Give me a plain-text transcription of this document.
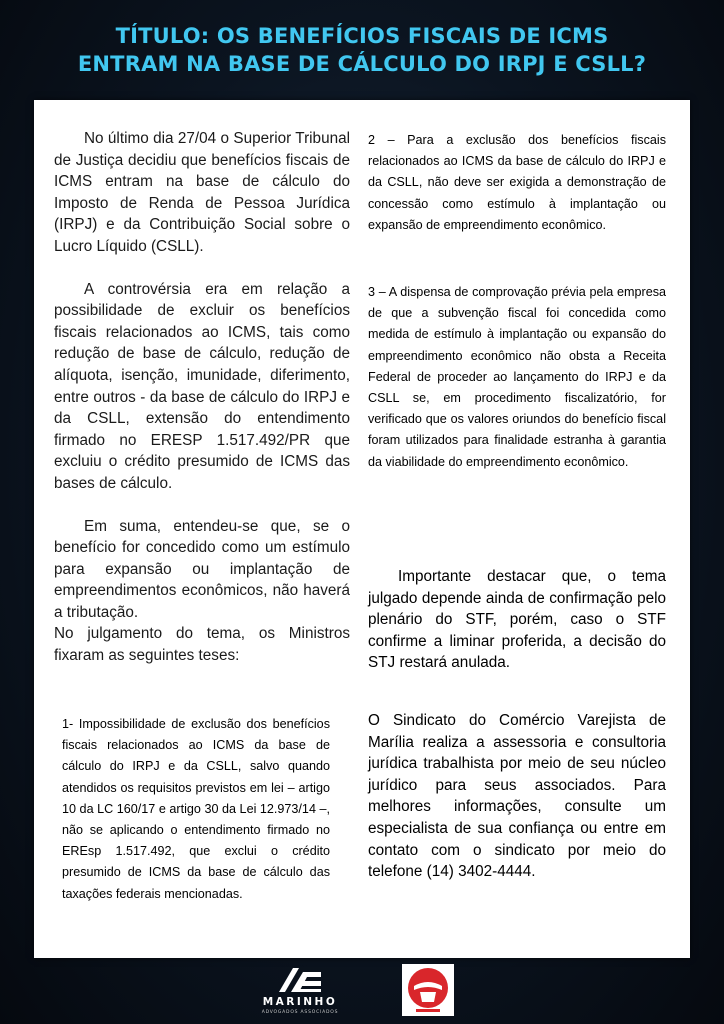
TÍTULO: OS BENEFÍCIOS FISCAIS DE ICMS
ENTRAM NA BASE DE CÁLCULO DO IRPJ E CSLL?

No último dia 27/04 o Superior Tribunal de Justiça decidiu que benefícios fiscais de ICMS entram na base de cálculo do Imposto de Renda de Pessoa Jurídica (IRPJ) e da Contribuição Social sobre o Lucro Líquido (CSLL).

A controvérsia era em relação a possibilidade de excluir os benefícios fiscais relacionados ao ICMS, tais como redução de base de cálculo, redução de alíquota, isenção, imunidade, diferimento, entre outros - da base de cálculo do IRPJ e da CSLL, extensão do entendimento firmado no ERESP 1.517.492/PR que excluiu o crédito presumido de ICMS das bases de cálculo.

Em suma, entendeu-se que, se o benefício for concedido como um estímulo para expansão ou implantação de empreendimentos econômicos, não haverá a tributação.

No julgamento do tema, os Ministros fixaram as seguintes teses:

1- Impossibilidade de exclusão dos benefícios fiscais relacionados ao ICMS da base de cálculo do IRPJ e da CSLL, salvo quando atendidos os requisitos previstos em lei – artigo 10 da LC 160/17 e artigo 30 da Lei 12.973/14 –, não se aplicando o entendimento firmado no EREsp 1.517.492, que exclui o crédito presumido de ICMS da base de cálculo das taxações federais mencionadas.

2 – Para a exclusão dos benefícios fiscais relacionados ao ICMS da base de cálculo do IRPJ e da CSLL, não deve ser exigida a demonstração de concessão como estímulo à implantação ou expansão de empreendimento econômico.

3 – A dispensa de comprovação prévia pela empresa de que a subvenção fiscal foi concedida como medida de estímulo à implantação ou expansão do empreendimento econômico não obsta a Receita Federal de proceder ao lançamento do IRPJ e da CSLL se, em procedimento fiscalizatório, for verificado que os valores oriundos do benefício fiscal foram utilizados para finalidade estranha à garantia da viabilidade do empreendimento econômico.

Importante destacar que, o tema julgado depende ainda de confirmação pelo plenário do STF, porém, caso o STF confirme a liminar proferida, a decisão do STJ restará anulada.

O Sindicato do Comércio Varejista de Marília realiza a assessoria e consultoria jurídica trabalhista por meio de seu núcleo jurídico para seus associados. Para melhores informações, consulte um especialista de sua confiança ou entre em contato com o sindicato por meio do telefone (14) 3402-4444.

MARINHO
ADVOGADOS ASSOCIADOS
